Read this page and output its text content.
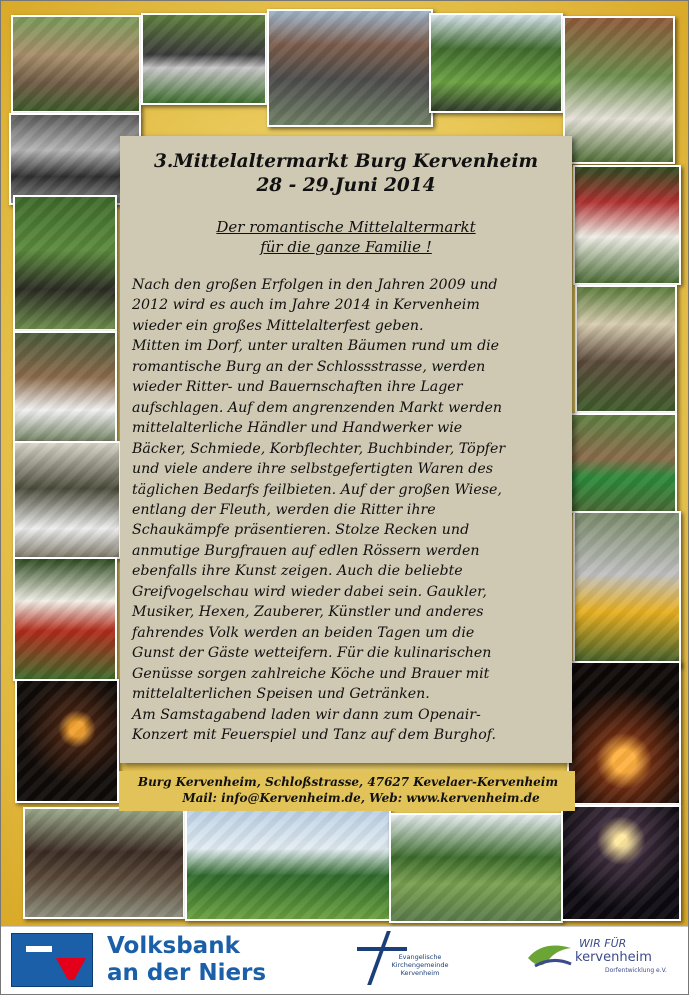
3.Mittelaltermarkt Burg Kervenheim
28 - 29.Juni 2014
Der romantische Mittelaltermarkt
für die ganze Familie !

Nach den großen Erfolgen in den Jahren 2009 und

2012 wird es auch im Jahre 2014 in Kervenheim

wieder ein großes Mittelalterfest geben.

Mitten im Dorf, unter uralten Bäumen rund um die

romantische Burg an der Schlossstrasse, werden

wieder Ritter- und Bauernschaften ihre Lager

aufschlagen. Auf dem angrenzenden Markt werden

mittelalterliche Händler und Handwerker wie

Bäcker, Schmiede, Korbflechter, Buchbinder, Töpfer

und viele andere ihre selbstgefertigten Waren des

täglichen Bedarfs feilbieten. Auf der großen Wiese,

entlang der Fleuth, werden die Ritter ihre

Schaukämpfe präsentieren. Stolze Recken und

anmutige Burgfrauen auf edlen Rössern werden

ebenfalls ihre Kunst zeigen. Auch die beliebte

Greifvogelschau wird wieder dabei sein. Gaukler,

Musiker, Hexen, Zauberer, Künstler und anderes

fahrendes Volk werden an beiden Tagen um die

Gunst der Gäste wetteifern. Für die kulinarischen

Genüsse sorgen zahlreiche Köche und Brauer mit

mittelalterlichen Speisen und Getränken.

Am Samstagabend laden wir dann zum Openair-

Konzert mit Feuerspiel und Tanz auf dem Burghof.

Burg Kervenheim, Schloßstrasse, 47627 Kevelaer-Kervenheim
Mail: info@Kervenheim.de, Web: www.kervenheim.de
Volksbank
an der Niers
Evangelische
Kirchengemeinde
Kervenheim
WIR FÜR
kervenheim
Dorfentwicklung e.V.
